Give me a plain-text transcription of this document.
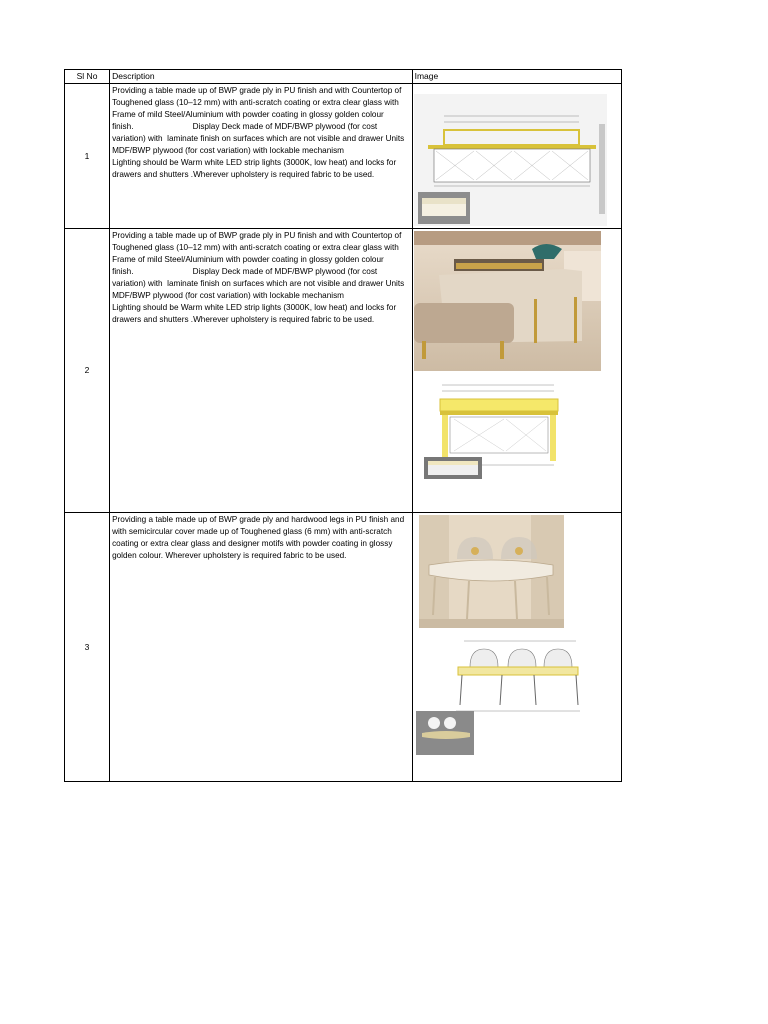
Sl No	Description	Image
1	Providing a table made up of BWP grade ply in PU finish and with Countertop of Toughened glass (10–12 mm) with anti-scratch coating or extra clear glass with Frame of mild Steel/Aluminium with powder coating in glossy golden colour  finish.                          Display Deck made of MDF/BWP plywood (for cost variation) with  laminate finish on surfaces which are not visible and drawer Units MDF/BWP plywood (for cost variation) with lockable mechanism
Lighting should be Warm white LED strip lights (3000K, low heat) and locks for drawers and shutters .Wherever upholstery is required fabric to be used.	

2	Providing a table made up of BWP grade ply in PU finish and with Countertop of Toughened glass (10–12 mm) with anti-scratch coating or extra clear glass with Frame of mild Steel/Aluminium with powder coating in glossy golden colour  finish.                          Display Deck made of MDF/BWP plywood (for cost variation) with  laminate finish on surfaces which are not visible and drawer Units MDF/BWP plywood (for cost variation) with lockable mechanism
Lighting should be Warm white LED strip lights (3000K, low heat) and locks for drawers and shutters .Wherever upholstery is required fabric to be used.	

3	Providing a table made up of BWP grade ply and hardwood legs in PU finish and with semicircular cover made up of Toughened glass (6 mm) with anti-scratch coating or extra clear glass and designer motifs with powder coating in glossy golden colour. Wherever upholstery is required fabric to be used.	
